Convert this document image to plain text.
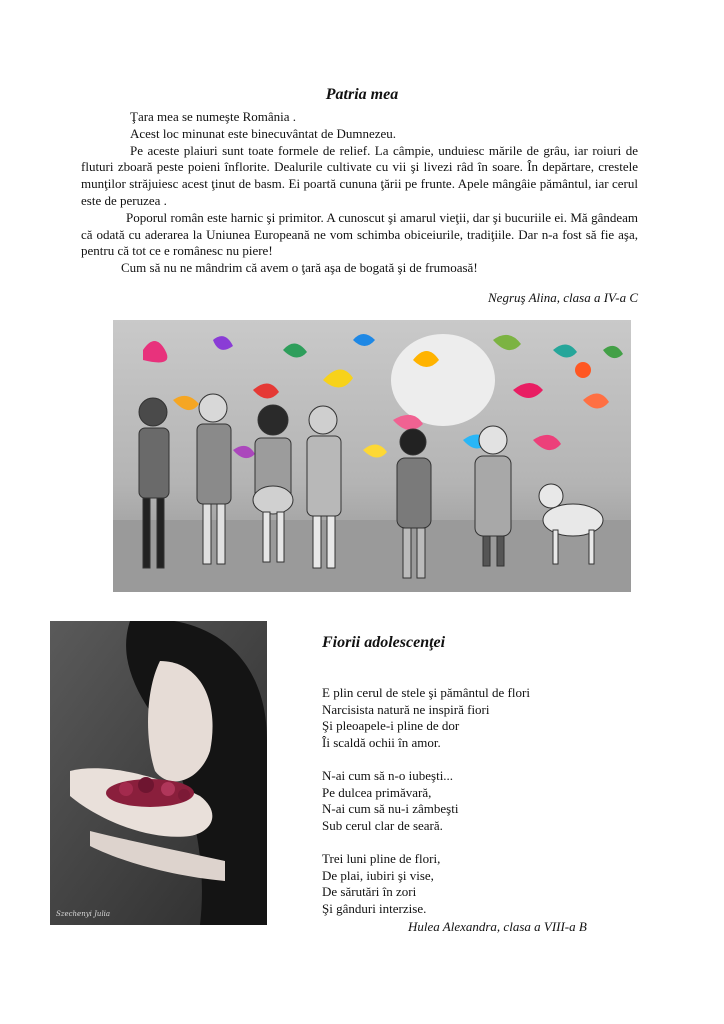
Patria mea

Ţara mea se numeşte România .

Acest loc minunat este binecuvântat de Dumnezeu.

Pe aceste plaiuri sunt toate formele de relief. La câmpie, unduiesc mările de grâu, iar roiuri de fluturi zboară peste poieni înflorite. Dealurile cultivate cu vii şi livezi râd în soare. În depărtare, crestele munţilor străjuiesc acest ţinut de basm. Ei poartă cununa ţării pe frunte. Apele mângâie pământul, iar cerul este de peruzea .

Poporul român este harnic şi primitor. A cunoscut şi amarul vieţii, dar şi bucuriile ei. Mă gândeam că odată cu aderarea la Uniunea Europeană ne vom schimba obiceiurile, tradiţiile. Dar n-a fost să fie aşa, pentru că tot ce e românesc nu piere!

Cum să nu ne mândrim că avem o ţară aşa de bogată şi de frumoasă!

Negruş Alina, clasa a IV-a C
Szechenyi Julia
Fiorii adolescenţei
E plin cerul de stele şi pământul de flori
Narcisista natură ne inspiră fiori
Şi pleoapele-i pline de dor
Îi scaldă ochii în amor.
N-ai cum să n-o iubeşti...
Pe dulcea primăvară,
N-ai cum să nu-i zâmbeşti
Sub cerul clar de seară.
Trei luni pline de flori,
De plai, iubiri şi vise,
De sărutări în zori
Şi gânduri interzise.
Hulea Alexandra, clasa a VIII-a B
